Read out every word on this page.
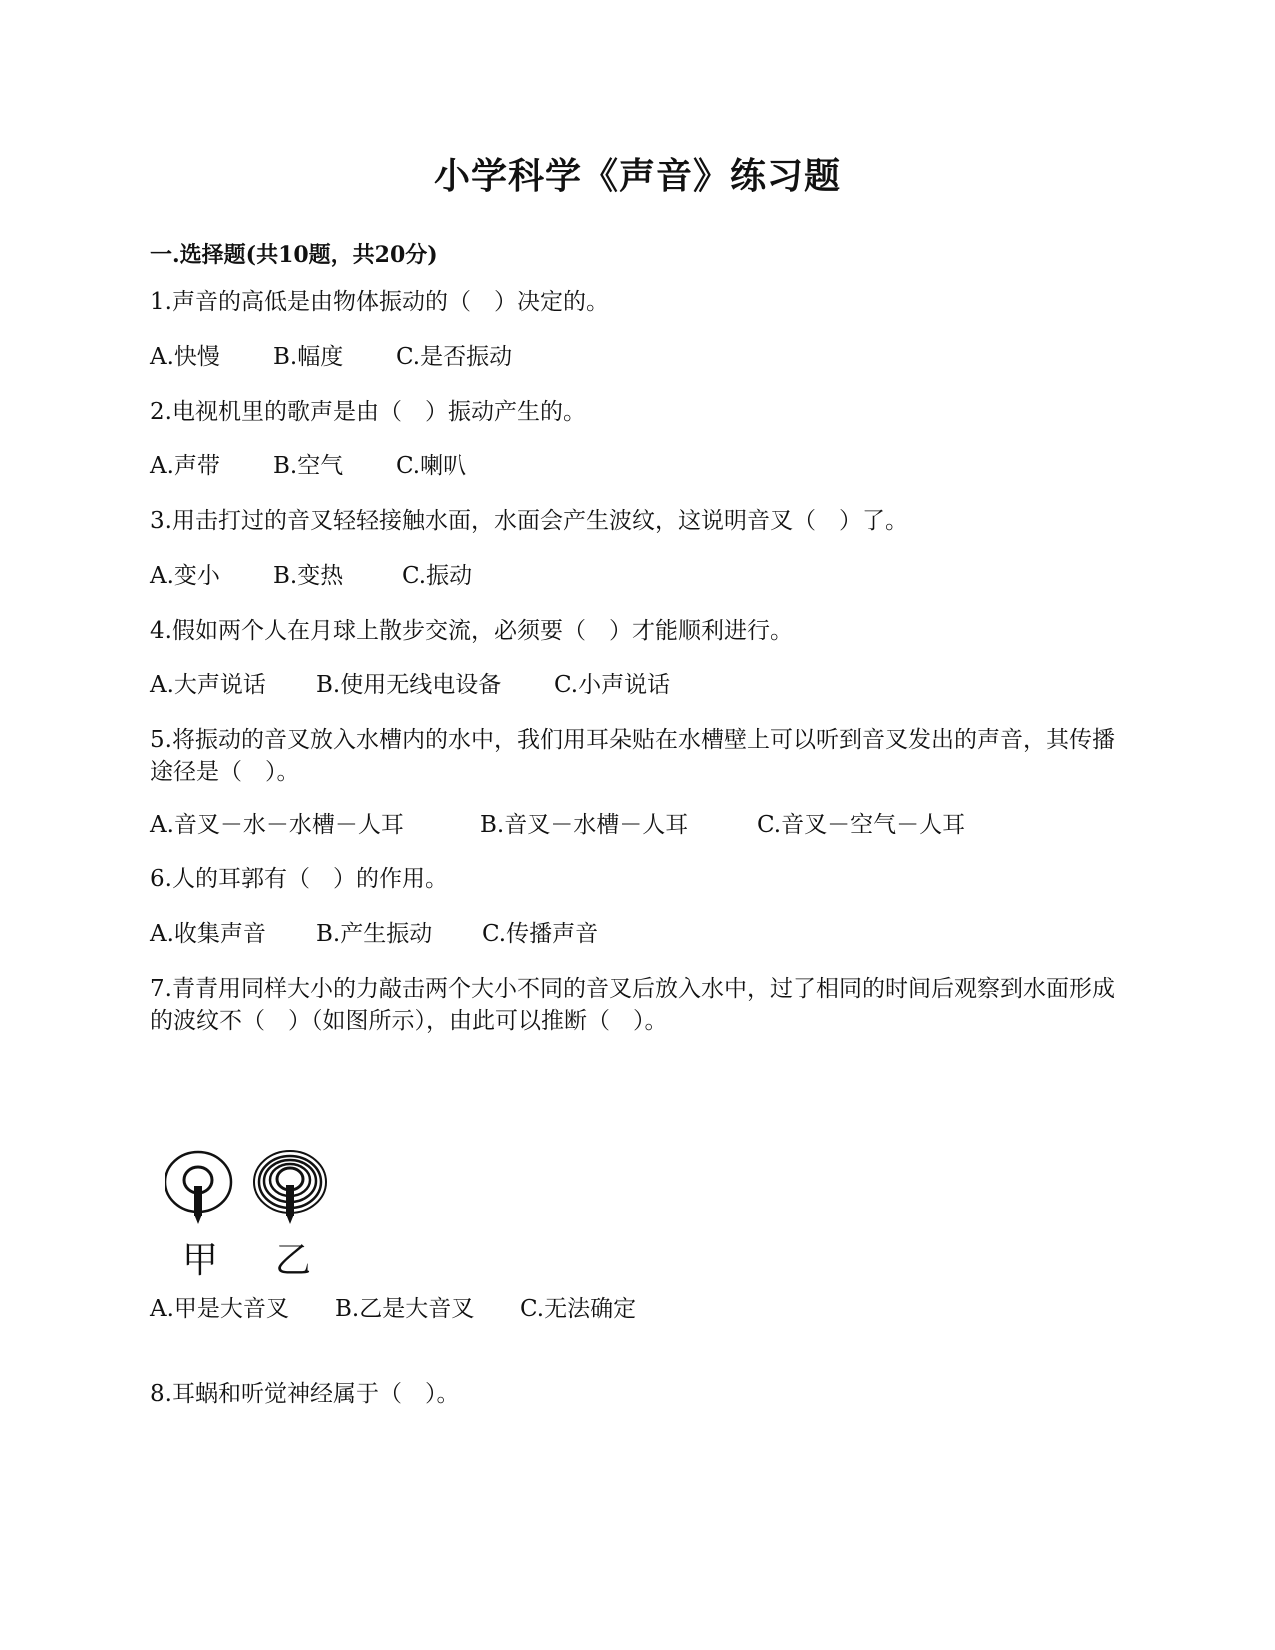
小学科学《声音》练习题
一.选择题(共10题，共20分)
1.声音的高低是由物体振动的（　）决定的。
A.快慢 B.幅度 C.是否振动
2.电视机里的歌声是由（　）振动产生的。
A.声带 B.空气 C.喇叭
3.用击打过的音叉轻轻接触水面，水面会产生波纹，这说明音叉（　）了。
A.变小 B.变热	C.振动
4.假如两个人在月球上散步交流，必须要（　）才能顺利进行。
A.大声说话 B.使用无线电设备 C.小声说话
5.将振动的音叉放入水槽内的水中，我们用耳朵贴在水槽壁上可以听到音叉发出的声音，其传播途径是（　）。
A.音叉－水－水槽－人耳	B.音叉－水槽－人耳	C.音叉－空气－人耳
6.人的耳郭有（　）的作用。
A.收集声音 B.产生振动 C.传播声音
7.青青用同样大小的力敲击两个大小不同的音叉后放入水中，过了相同的时间后观察到水面形成的波纹不（　）（如图所示），由此可以推断（　）。
甲 乙
A.甲是大音叉 B.乙是大音叉 C.无法确定
8.耳蜗和听觉神经属于（　）。
